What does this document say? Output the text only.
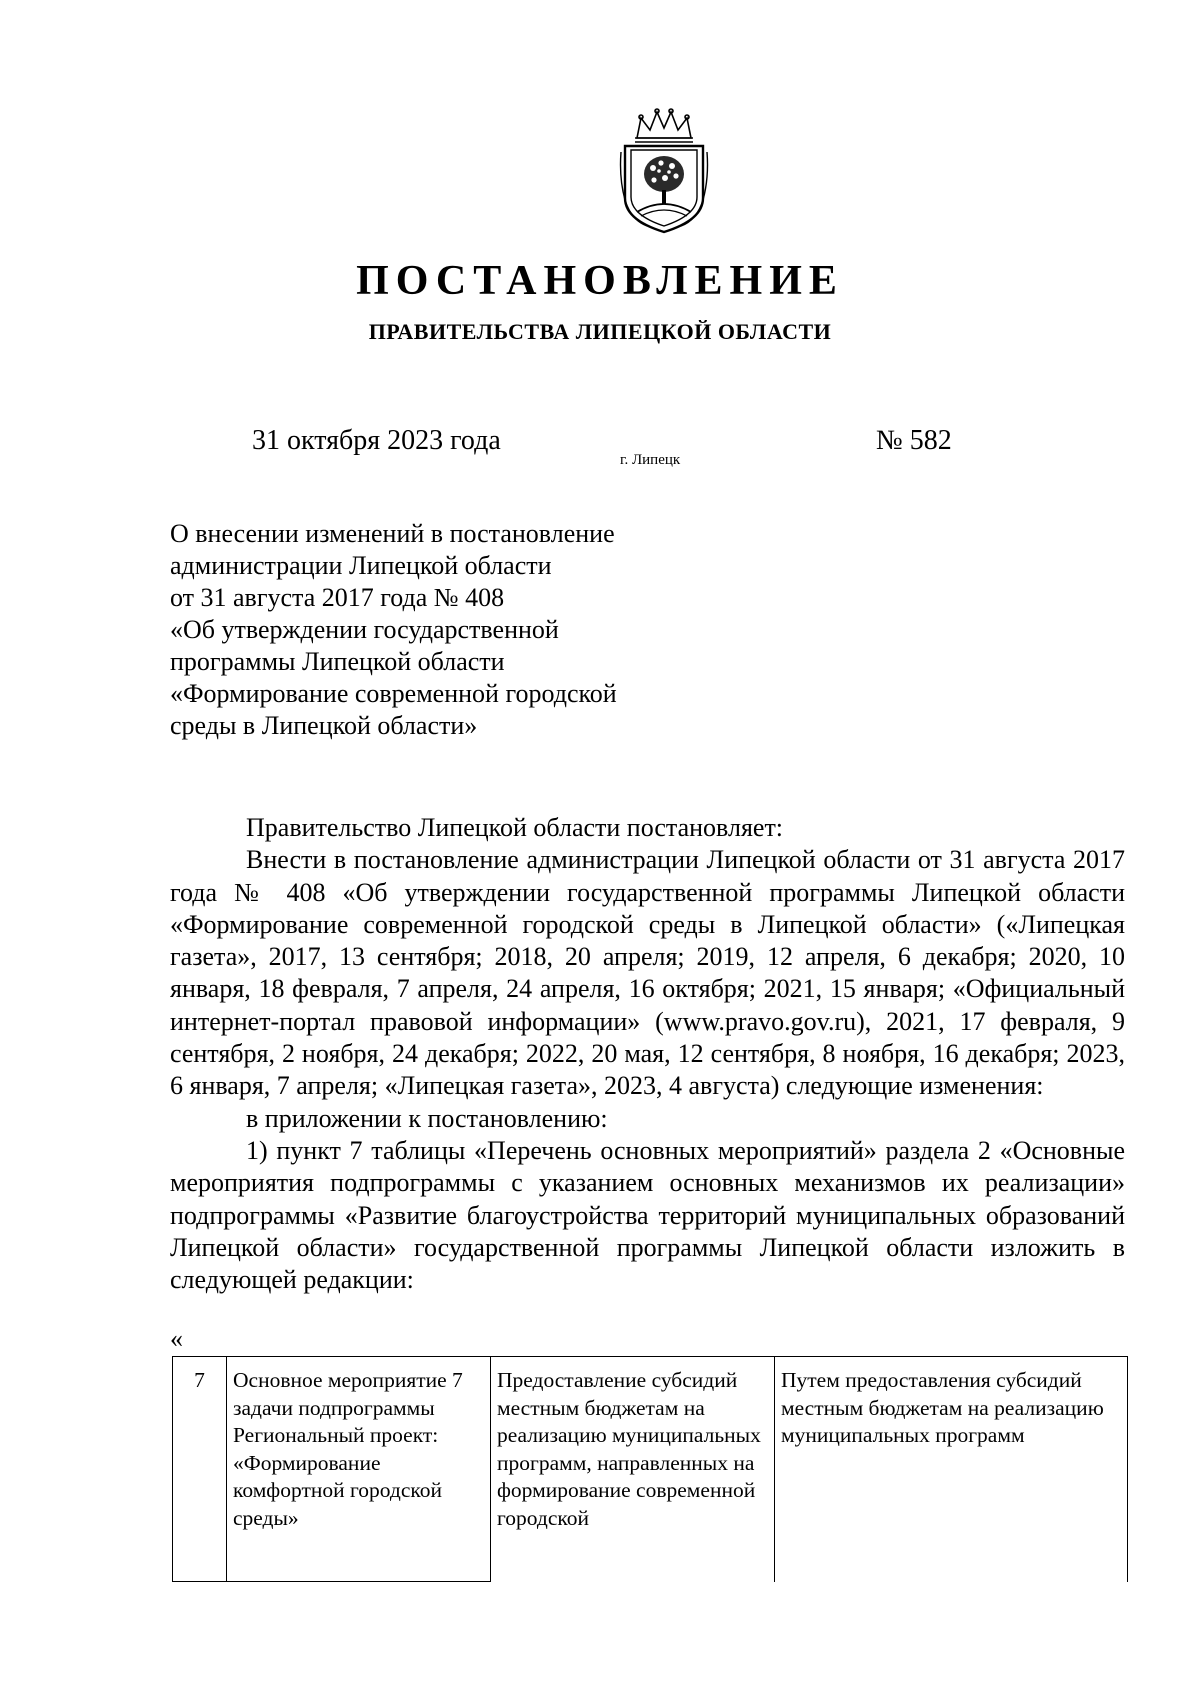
ПОСТАНОВЛЕНИЕ
ПРАВИТЕЛЬСТВА ЛИПЕЦКОЙ ОБЛАСТИ
31 октября 2023 года
г. Липецк
№ 582
О внесении изменений в постановление
администрации Липецкой области
от 31 августа 2017 года № 408
«Об утверждении государственной
программы Липецкой области
«Формирование современной городской
среды в Липецкой области»

Правительство Липецкой области постановляет:

Внести в постановление администрации Липецкой области от 31 августа 2017 года № 408 «Об утверждении государственной программы Липецкой области «Формирование современной городской среды в Липецкой области» («Липецкая газета», 2017, 13 сентября; 2018, 20 апреля; 2019, 12 апреля, 6 декабря; 2020, 10 января, 18 февраля, 7 апреля, 24 апреля, 16 октября; 2021, 15 января; «Официальный интернет-портал правовой информации» (www.pravo.gov.ru), 2021, 17 февраля, 9 сентября, 2 ноября, 24 декабря; 2022, 20 мая, 12 сентября, 8 ноября, 16 декабря; 2023, 6 января, 7 апреля; «Липецкая газета», 2023, 4 августа) следующие изменения:

в приложении к постановлению:

1) пункт 7 таблицы «Перечень основных мероприятий» раздела 2 «Основные мероприятия подпрограммы с указанием основных механизмов их реализации» подпрограммы «Развитие благоустройства территорий муниципальных образований Липецкой области» государственной программы Липецкой области изложить в следующей редакции:

«
7	Основное мероприятие 7 задачи подпрограммы Региональный проект: «Формирование комфортной городской среды»	Предоставление субсидий местным бюджетам на реализацию муниципальных программ, направленных на формирование современной городской	Путем предоставления субсидий местным бюджетам на реализацию муниципальных программ
